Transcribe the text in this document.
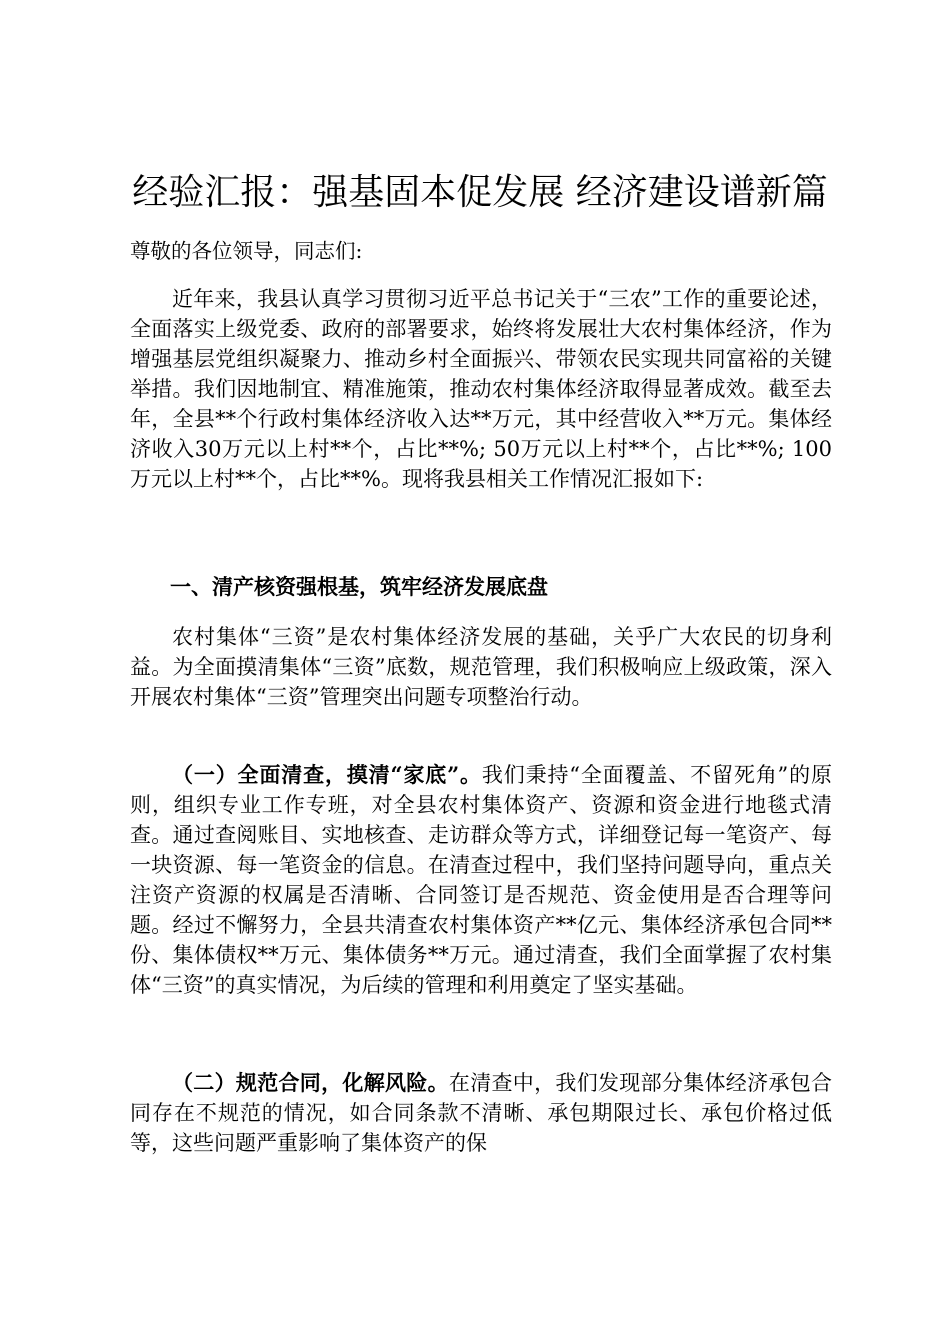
经验汇报：强基固本促发展 经济建设谱新篇
尊敬的各位领导，同志们:

近年来，我县认真学习贯彻习近平总书记关于“三农”工作的重要论述，全面落实上级党委、政府的部署要求，始终将发展壮大农村集体经济，作为增强基层党组织凝聚力、推动乡村全面振兴、带领农民实现共同富裕的关键举措。我们因地制宜、精准施策，推动农村集体经济取得显著成效。截至去年，全县**个行政村集体经济收入达**万元，其中经营收入**万元。集体经济收入30万元以上村**个，占比**%; 50万元以上村**个，占比**%; 100万元以上村**个，占比**%。现将我县相关工作情况汇报如下:

一、清产核资强根基，筑牢经济发展底盘

农村集体“三资”是农村集体经济发展的基础，关乎广大农民的切身利益。为全面摸清集体“三资”底数，规范管理，我们积极响应上级政策，深入开展农村集体“三资”管理突出问题专项整治行动。

（一）全面清查，摸清“家底”。我们秉持“全面覆盖、不留死角”的原则，组织专业工作专班，对全县农村集体资产、资源和资金进行地毯式清查。通过查阅账目、实地核查、走访群众等方式，详细登记每一笔资产、每一块资源、每一笔资金的信息。在清查过程中，我们坚持问题导向，重点关注资产资源的权属是否清晰、合同签订是否规范、资金使用是否合理等问题。经过不懈努力，全县共清查农村集体资产**亿元、集体经济承包合同**份、集体债权**万元、集体债务**万元。通过清查，我们全面掌握了农村集体“三资”的真实情况，为后续的管理和利用奠定了坚实基础。

（二）规范合同，化解风险。在清查中，我们发现部分集体经济承包合同存在不规范的情况，如合同条款不清晰、承包期限过长、承包价格过低等，这些问题严重影响了集体资产的保
